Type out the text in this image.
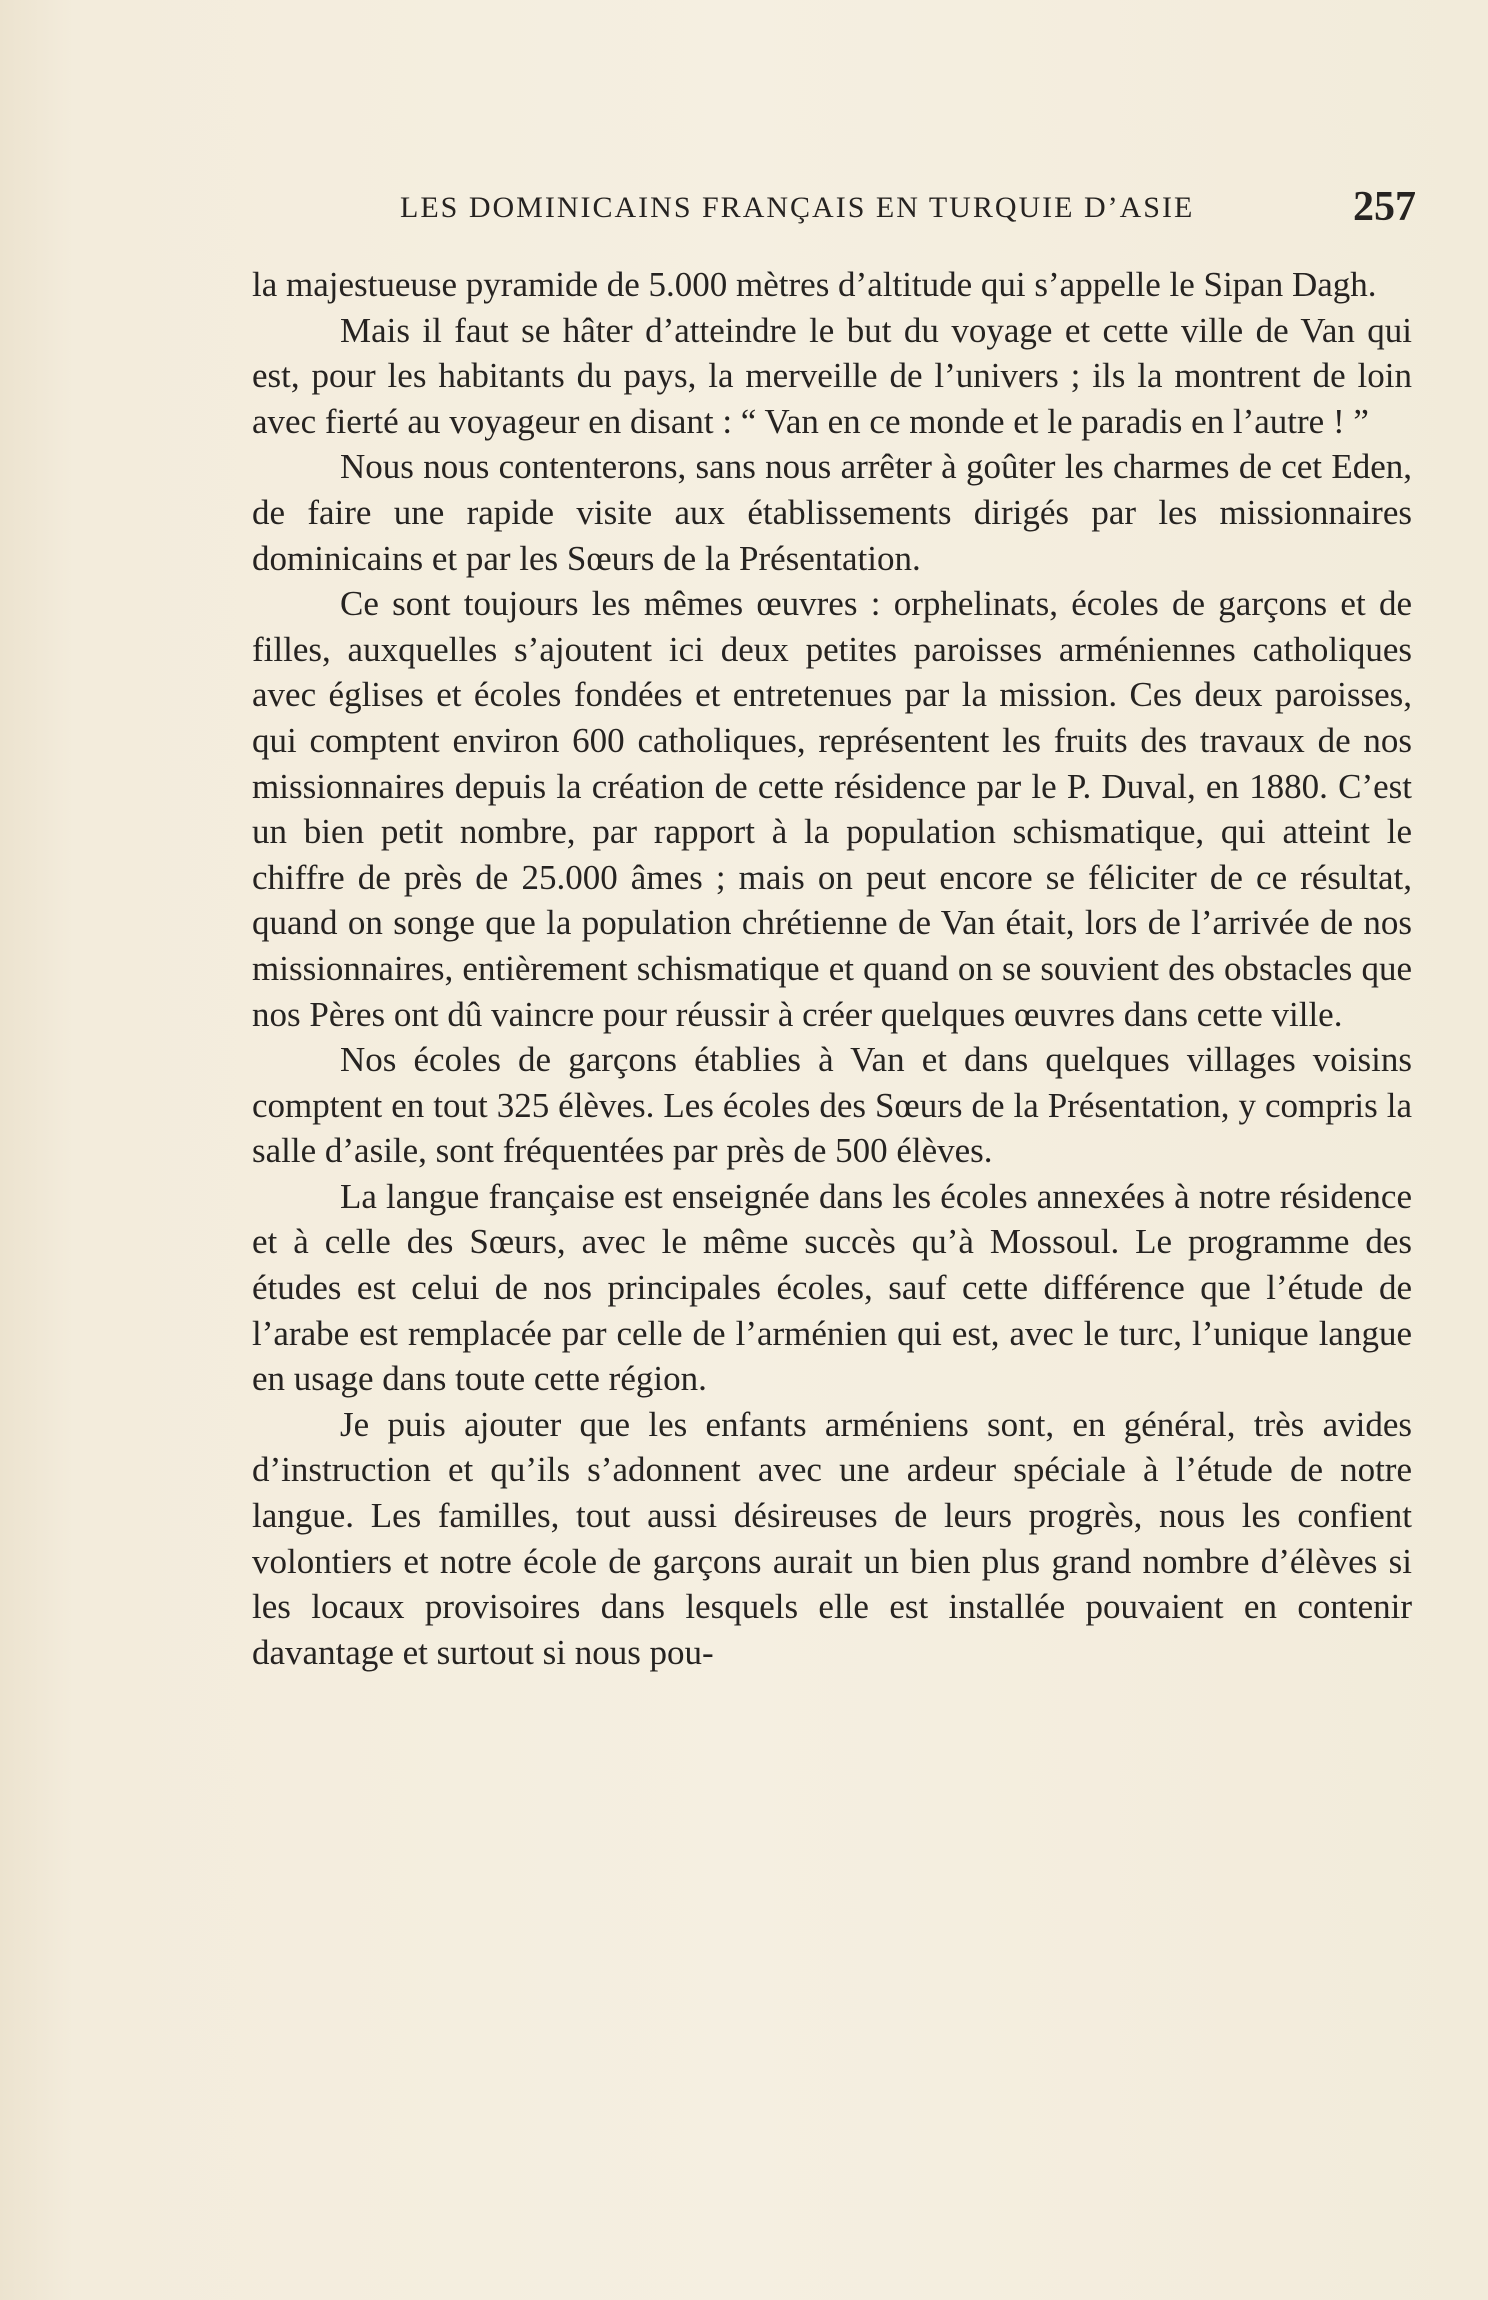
LES DOMINICAINS FRANÇAIS EN TURQUIE D’ASIE	257

la majestueuse pyramide de 5.000 mètres d’altitude qui s’appelle le Sipan Dagh.

Mais il faut se hâter d’atteindre le but du voyage et cette ville de Van qui est, pour les habitants du pays, la merveille de l’univers ; ils la montrent de loin avec fierté au voyageur en disant : “ Van en ce monde et le paradis en l’autre ! ”

Nous nous contenterons, sans nous arrêter à goûter les charmes de cet Eden, de faire une rapide visite aux établissements dirigés par les missionnaires dominicains et par les Sœurs de la Présentation.

Ce sont toujours les mêmes œuvres : orphelinats, écoles de garçons et de filles, auxquelles s’ajoutent ici deux petites paroisses arméniennes catholiques avec églises et écoles fondées et entretenues par la mission. Ces deux paroisses, qui comptent environ 600 catholiques, représentent les fruits des travaux de nos missionnaires depuis la création de cette résidence par le P. Duval, en 1880. C’est un bien petit nombre, par rapport à la population schismatique, qui atteint le chiffre de près de 25.000 âmes ; mais on peut encore se féliciter de ce résultat, quand on songe que la population chrétienne de Van était, lors de l’arrivée de nos missionnaires, entièrement schismatique et quand on se souvient des obstacles que nos Pères ont dû vaincre pour réussir à créer quelques œuvres dans cette ville.

Nos écoles de garçons établies à Van et dans quelques villages voisins comptent en tout 325 élèves. Les écoles des Sœurs de la Présentation, y compris la salle d’asile, sont fréquentées par près de 500 élèves.

La langue française est enseignée dans les écoles annexées à notre résidence et à celle des Sœurs, avec le même succès qu’à Mossoul. Le programme des études est celui de nos principales écoles, sauf cette différence que l’étude de l’arabe est remplacée par celle de l’arménien qui est, avec le turc, l’unique langue en usage dans toute cette région.

Je puis ajouter que les enfants arméniens sont, en général, très avides d’instruction et qu’ils s’adonnent avec une ardeur spéciale à l’étude de notre langue. Les familles, tout aussi désireuses de leurs progrès, nous les confient volontiers et notre école de garçons aurait un bien plus grand nombre d’élèves si les locaux provisoires dans lesquels elle est installée pouvaient en contenir davantage et surtout si nous pou-
